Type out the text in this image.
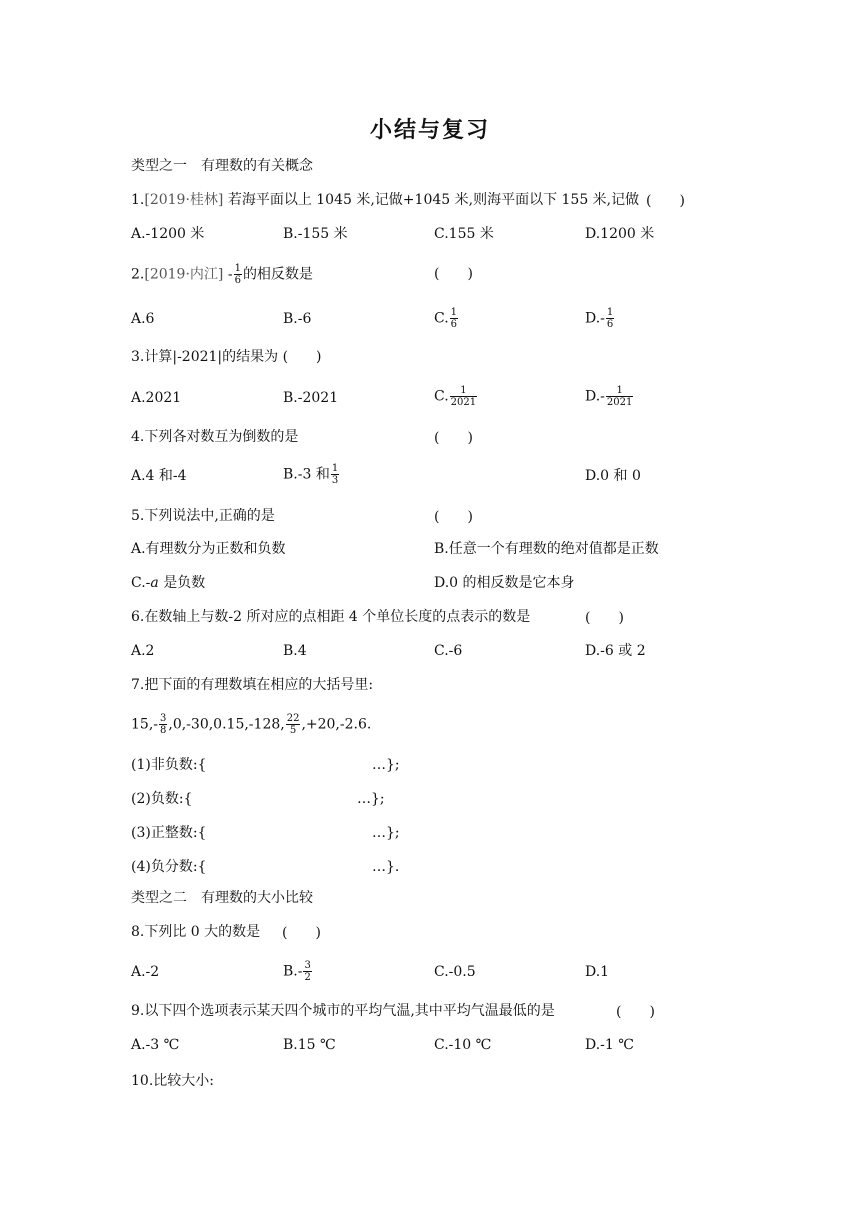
小结与复习
类型之一　有理数的有关概念
1.[2019·桂林] 若海平面以上 1045 米,记做+1045 米,则海平面以下 155 米,记做 (　　)
A.-1200 米	B.-155 米	C.155 米	D.1200 米
2.[2019·内江] - $\frac{1}{6}$ 的相反数是	(　　)
A.6	B.-6	C. $\frac{1}{6}$	$D.- \frac{1}{6}$
3.计算|-2021|的结果为 (　　)
A.2021	B.-2021	C. $\frac{1}{2021}$	$D.- \frac{1}{2021}$
4.下列各对数互为倒数的是	(　　)
A.4 和-4	B.-3 和 $\frac{1}{3}$	D.0 和 0
5.下列说法中,正确的是	(　　)
A.有理数分为正数和负数	B.任意一个有理数的绝对值都是正数
C.-a 是负数	D.0 的相反数是它本身
6.在数轴上与数-2 所对应的点相距 4 个单位长度的点表示的数是	(　　)
A.2	B.4	C.-6	D.-6 或 2
7.把下面的有理数填在相应的大括号里:
$15,- \frac{3}{8} ,0,-30,0.15,-128$, $\frac{22}{5} ,+20,-2.6$.
(1)非负数:{	…};
(2)负数:{	…};
(3)正整数:{	…};
(4)负分数:{	…}.
类型之二　有理数的大小比较
8.下列比 0 大的数是 (　　)
A.-2	$B.- \frac{3}{2}$	C.-0.5	D.1
9.以下四个选项表示某天四个城市的平均气温,其中平均气温最低的是	(　　)
A.-3 ℃	B.15 ℃	C.-10 ℃	D.-1 ℃
10.比较大小:
